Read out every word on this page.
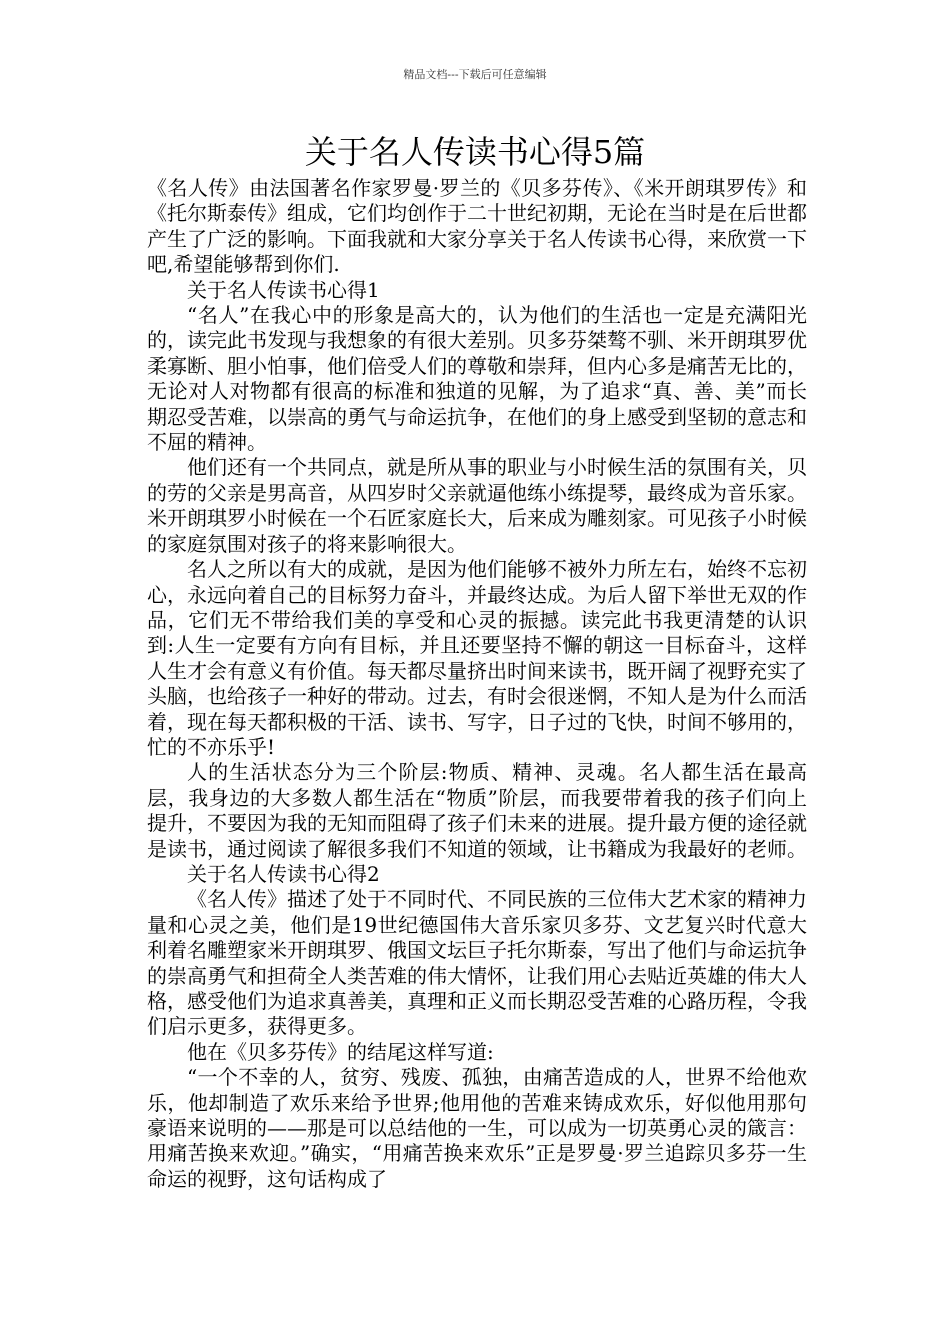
精品文档---下载后可任意编辑
关于名人传读书心得5篇

《名人传》由法国著名作家罗曼·罗兰的《贝多芬传》、《米开朗琪罗传》和《托尔斯泰传》组成，它们均创作于二十世纪初期，无论在当时是在后世都产生了广泛的影响。下面我就和大家分享关于名人传读书心得，来欣赏一下吧,希望能够帮到你们.

关于名人传读书心得1

“名人”在我心中的形象是高大的，认为他们的生活也一定是充满阳光的，读完此书发现与我想象的有很大差别。贝多芬桀骜不驯、米开朗琪罗优柔寡断、胆小怕事，他们倍受人们的尊敬和崇拜，但内心多是痛苦无比的，无论对人对物都有很高的标准和独道的见解，为了追求“真、善、美”而长期忍受苦难，以崇高的勇气与命运抗争，在他们的身上感受到坚韧的意志和不屈的精神。

他们还有一个共同点，就是所从事的职业与小时候生活的氛围有关，贝的劳的父亲是男高音，从四岁时父亲就逼他练小练提琴，最终成为音乐家。米开朗琪罗小时候在一个石匠家庭长大，后来成为雕刻家。可见孩子小时候的家庭氛围对孩子的将来影响很大。

名人之所以有大的成就，是因为他们能够不被外力所左右，始终不忘初心，永远向着自己的目标努力奋斗，并最终达成。为后人留下举世无双的作品，它们无不带给我们美的享受和心灵的振撼。读完此书我更清楚的认识到:人生一定要有方向有目标，并且还要坚持不懈的朝这一目标奋斗，这样人生才会有意义有价值。每天都尽量挤出时间来读书，既开阔了视野充实了头脑，也给孩子一种好的带动。过去，有时会很迷惘，不知人是为什么而活着，现在每天都积极的干活、读书、写字，日子过的飞快，时间不够用的，忙的不亦乐乎!

人的生活状态分为三个阶层:物质、精神、灵魂。名人都生活在最高层，我身边的大多数人都生活在“物质”阶层，而我要带着我的孩子们向上提升，不要因为我的无知而阻碍了孩子们未来的进展。提升最方便的途径就是读书，通过阅读了解很多我们不知道的领域，让书籍成为我最好的老师。

关于名人传读书心得2

《名人传》描述了处于不同时代、不同民族的三位伟大艺术家的精神力量和心灵之美，他们是19世纪德国伟大音乐家贝多芬、文艺复兴时代意大利着名雕塑家米开朗琪罗、俄国文坛巨子托尔斯泰，写出了他们与命运抗争的崇高勇气和担荷全人类苦难的伟大情怀，让我们用心去贴近英雄的伟大人格，感受他们为追求真善美，真理和正义而长期忍受苦难的心路历程，令我们启示更多，获得更多。

他在《贝多芬传》的结尾这样写道:

“一个不幸的人，贫穷、残废、孤独，由痛苦造成的人，世界不给他欢乐，他却制造了欢乐来给予世界;他用他的苦难来铸成欢乐，好似他用那句豪语来说明的——那是可以总结他的一生，可以成为一切英勇心灵的箴言：用痛苦换来欢迎。”确实，“用痛苦换来欢乐”正是罗曼·罗兰追踪贝多芬一生命运的视野，这句话构成了
